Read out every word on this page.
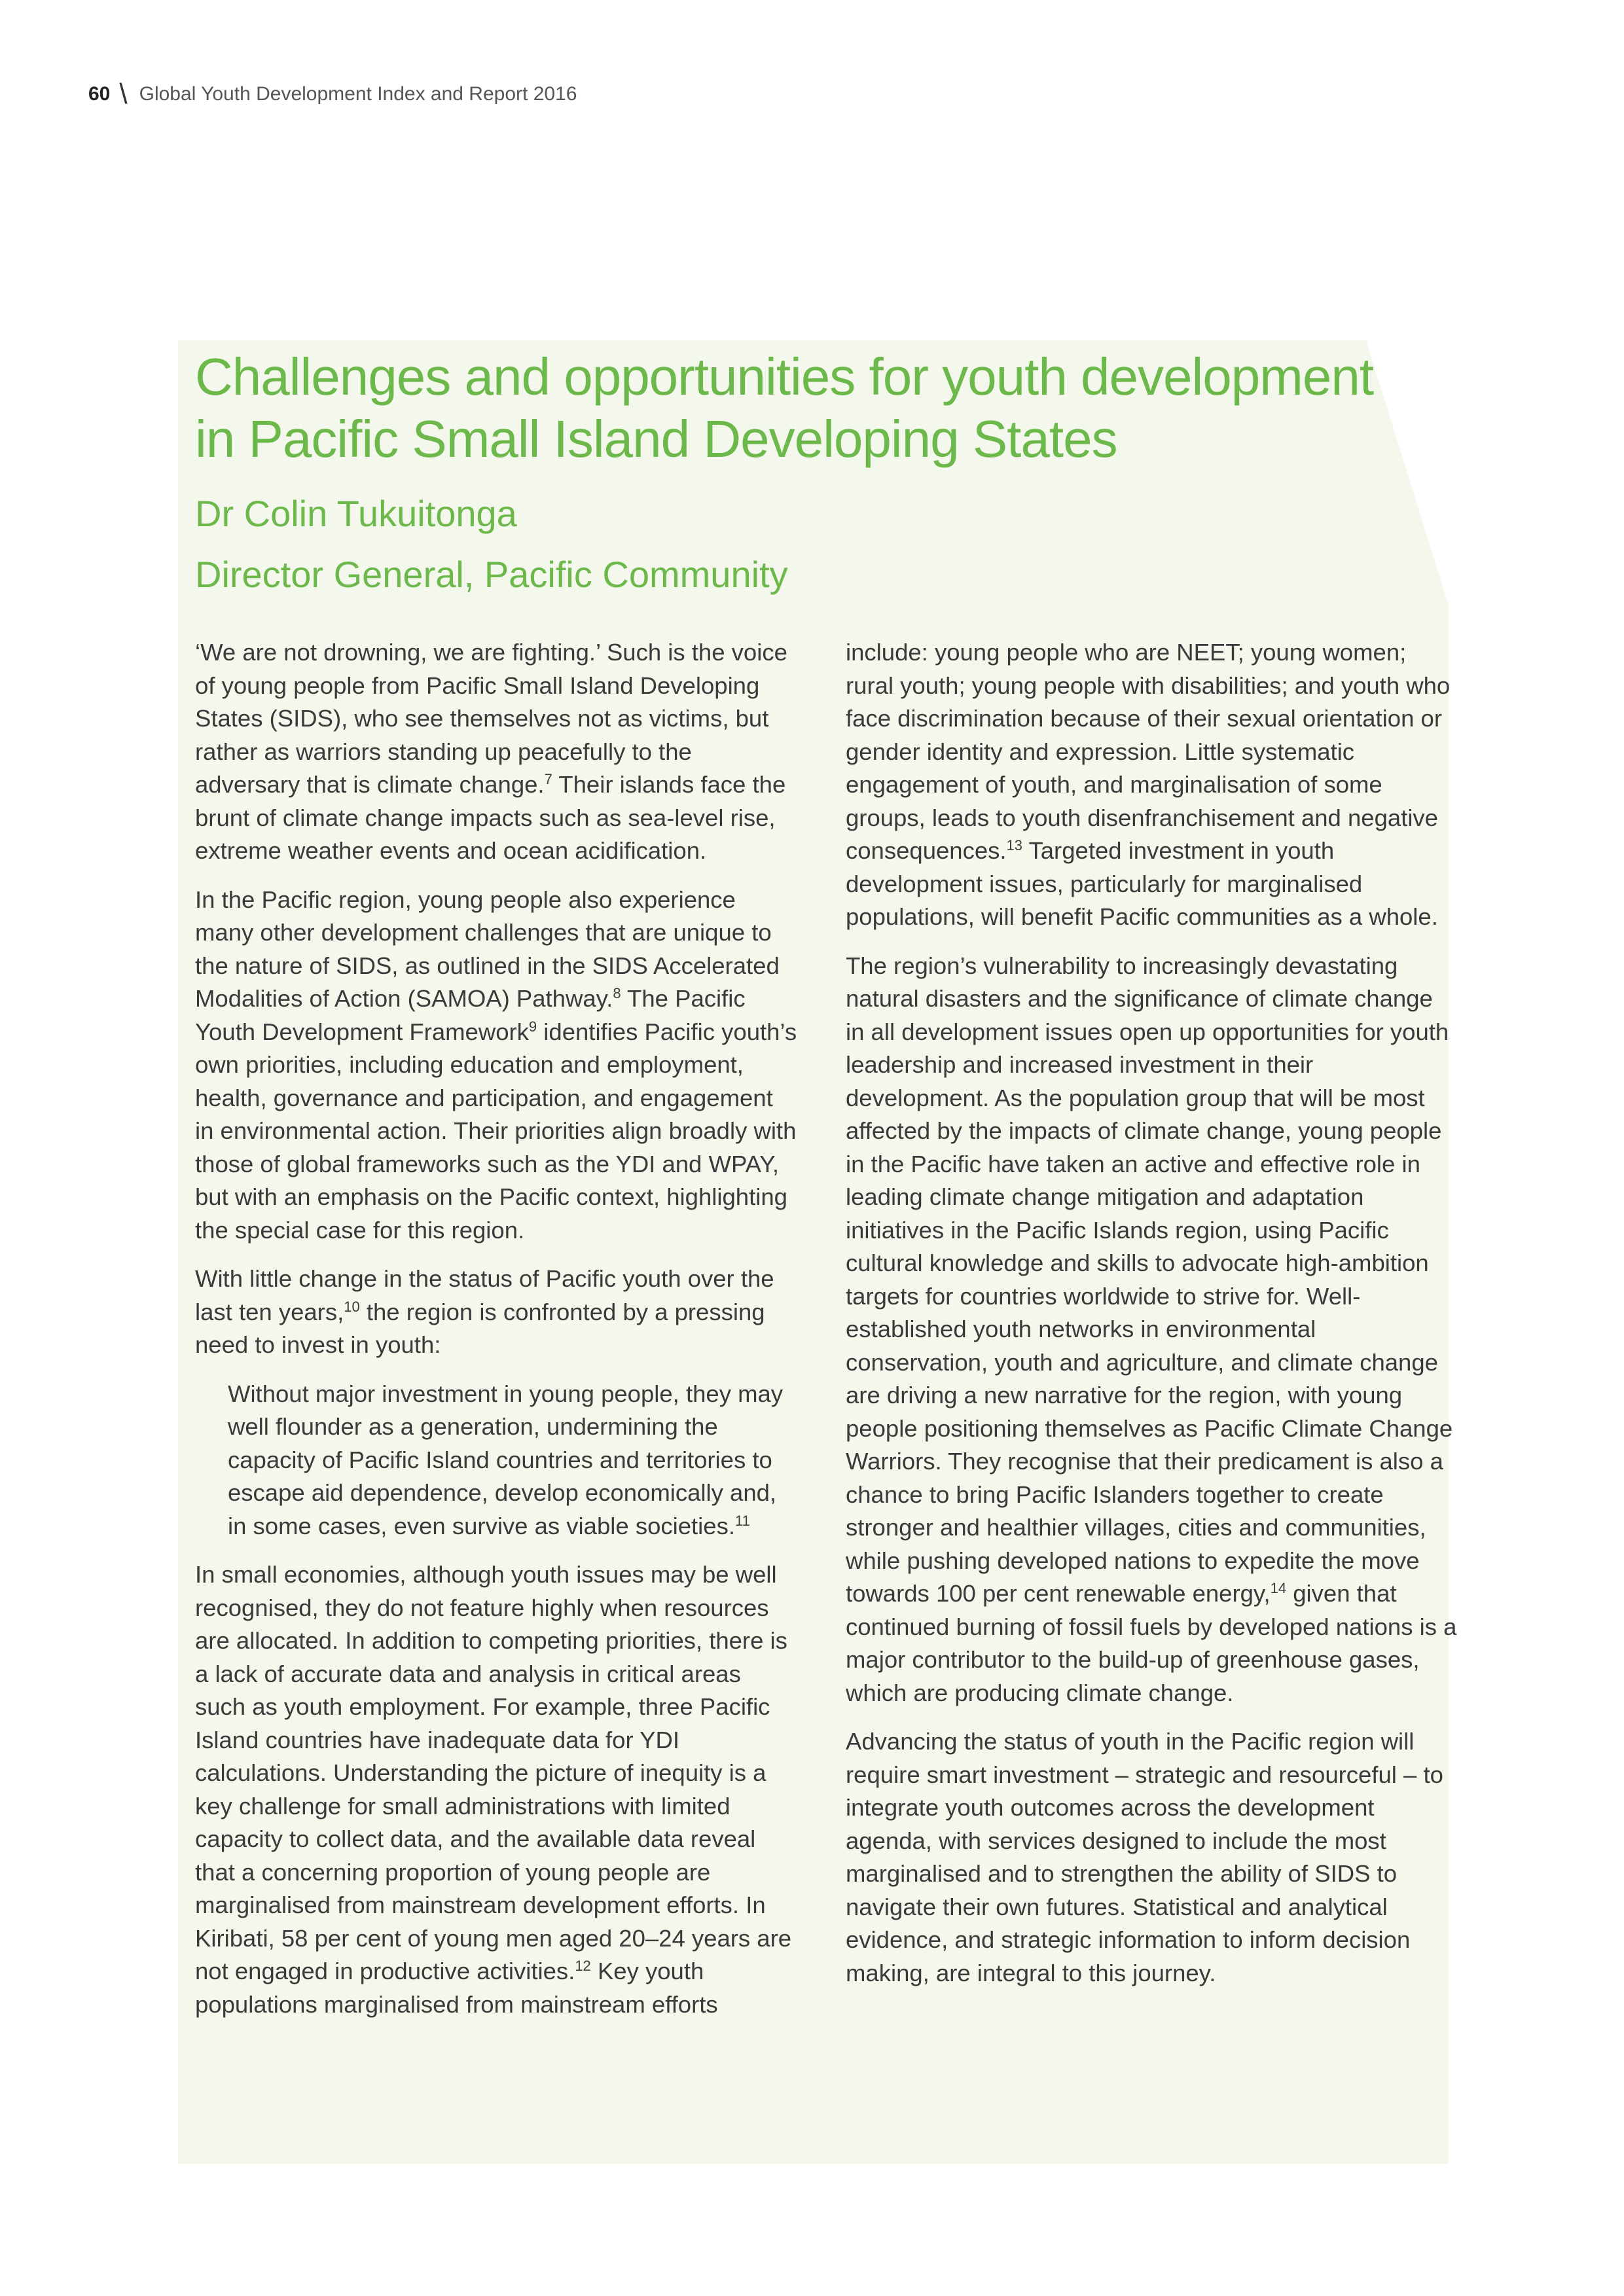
60 \ Global Youth Development Index and Report 2016
Challenges and opportunities for youth development
in Pacific Small Island Developing States
Dr Colin Tukuitonga
Director General, Pacific Community

‘We are not drowning, we are fighting.’ Such is the voice of young people from Pacific Small Island Developing States (SIDS), who see themselves not as victims, but rather as warriors standing up peacefully to the adversary that is climate change.$^7$ Their islands face the brunt of climate change impacts such as sea-level rise, extreme weather events and ocean acidification.

In the Pacific region, young people also experience many other development challenges that are unique to the nature of SIDS, as outlined in the SIDS Accelerated Modalities of Action (SAMOA) Pathway.$^8$ The Pacific Youth Development Framework$^9$ identifies Pacific youth’s own priorities, including education and employment, health, governance and participation, and engagement in environmental action. Their priorities align broadly with those of global frameworks such as the YDI and WPAY, but with an emphasis on the Pacific context, highlighting the special case for this region.

With little change in the status of Pacific youth over the last ten years,$^{10}$ the region is confronted by a pressing need to invest in youth:

Without major investment in young people, they may well flounder as a generation, undermining the capacity of Pacific Island countries and territories to escape aid dependence, develop economically and, in some cases, even survive as viable societies.$^{11}$

In small economies, although youth issues may be well recognised, they do not feature highly when resources are allocated. In addition to competing priorities, there is a lack of accurate data and analysis in critical areas such as youth employment. For example, three Pacific Island countries have inadequate data for YDI calculations. Understanding the picture of inequity is a key challenge for small administrations with limited capacity to collect data, and the available data reveal that a concerning proportion of young people are marginalised from mainstream development efforts. In Kiribati, 58 per cent of young men aged 20–24 years are not engaged in productive activities.$^{12}$ Key youth populations marginalised from mainstream efforts

include: young people who are NEET; young women; rural youth; young people with disabilities; and youth who face discrimination because of their sexual orientation or gender identity and expression. Little systematic engagement of youth, and marginalisation of some groups, leads to youth disenfranchisement and negative consequences.$^{13}$ Targeted investment in youth development issues, particularly for marginalised populations, will benefit Pacific communities as a whole.

The region’s vulnerability to increasingly devastating natural disasters and the significance of climate change in all development issues open up opportunities for youth leadership and increased investment in their development. As the population group that will be most affected by the impacts of climate change, young people in the Pacific have taken an active and effective role in leading climate change mitigation and adaptation initiatives in the Pacific Islands region, using Pacific cultural knowledge and skills to advocate high-ambition targets for countries worldwide to strive for. Well-established youth networks in environmental conservation, youth and agriculture, and climate change are driving a new narrative for the region, with young people positioning themselves as Pacific Climate Change Warriors. They recognise that their predicament is also a chance to bring Pacific Islanders together to create stronger and healthier villages, cities and communities, while pushing developed nations to expedite the move towards 100 per cent renewable energy,$^{14}$ given that continued burning of fossil fuels by developed nations is a major contributor to the build-up of greenhouse gases, which are producing climate change.

Advancing the status of youth in the Pacific region will require smart investment – strategic and resourceful – to integrate youth outcomes across the development agenda, with services designed to include the most marginalised and to strengthen the ability of SIDS to navigate their own futures. Statistical and analytical evidence, and strategic information to inform decision making, are integral to this journey.
